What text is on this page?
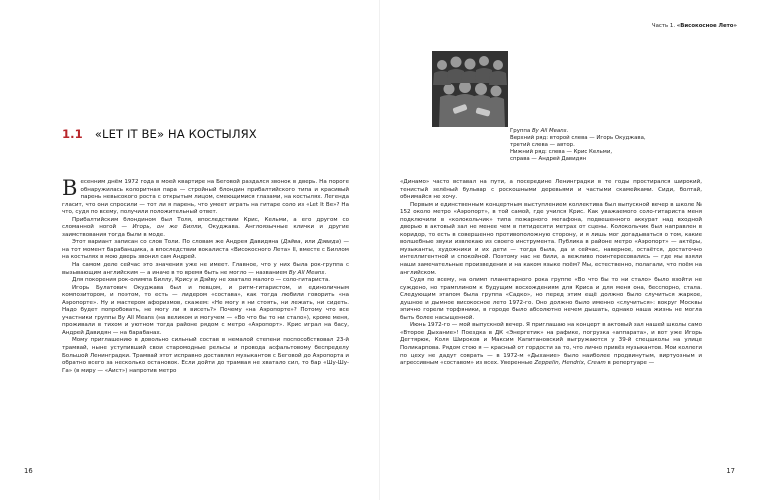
1.1 «LET IT BE» НА КОСТЫЛЯХ

Весенним днём 1972 года в моей квартире на Беговой раздался звонок в дверь. На пороге обнаружилась колоритная пара — стройный блондин прибалтийского типа и красивый парень невысокого роста с открытым лицом, смеющимися глазами, на костылях. Легенда гласит, что они спросили — тот ли я парень, что умеет играть на гитаре соло из «Let It Be»? На что, судя по всему, получили положительный ответ.

Прибалтийским блондином был Толя, впоследствии Крис, Кельми, а его другом со сломанной ногой — Игорь, он же Билли, Окуджава. Англоязычные клички и другие заимствования тогда были в моде.

Этот вариант записан со слов Толи. По словам же Андрея Давидяна (Дэйва, или Дэвида) — на тот момент барабанщика, а впоследствии вокалиста «Високосного Лета» II, вместе с Биллом на костылях в мою дверь звонил сам Андрей.

На самом деле сейчас это значения уже не имеет. Главное, что у них была рок-группа с вызывающим английским — а иначе в то время быть не могло — названием By All Means.

Для покорения рок-олимпа Биллу, Крису и Дэйву не хватало малого — соло-гитариста.

Игорь Булатович Окуджава был и певцом, и ритм-гитаристом, и единоличным композитором, и поэтом, то есть — лидером «состава», как тогда любили говорить «на Аэропорте». Ну и мастером афоризмов, скажем: «Не могу я ни стоять, ни лежать, ни сидеть. Надо будет попробовать, не могу ли я висеть?» Почему «на Аэропорте»? Потому что все участники группы By All Means (на великом и могучем — «Во что бы то ни стало»), кроме меня, проживали в тихом и уютном тогда районе рядом с метро «Аэропорт». Крис играл на басу, Андрей Давидян — на барабанах.

Мому приглашению в довольно сильный состав в немалой степени поспособствовал 23-й трамвай, ныне уступивший свои старомодные рельсы и провода асфальтовому беспределу Большой Ленинградки. Трамвай этот исправно доставлял музыкантов с Беговой до Аэропорта и обратно всего за несколько остановок. Если дойти до трамвая не хватало сил, то бар «Шу-Шу-Га» (в миру — «Аист») напротив метро

16
Часть 1. «Високосное Лето»
Группа By All Means.
Верхний ряд: второй слева — Игорь Окуджава,
третий слева — автор.
Нижний ряд: слева — Крис Кельми,
справа — Андрей Давидян

«Динамо» часто вставал на пути, а посередине Ленинградки в те годы простирался широкий, тенистый зелёный бульвар с роскошными деревьями и частыми скамейками. Сиди, болтай, обнимайся не хочу.

Первым и единственным концертным выступлением коллектива был выпускной вечер в школе № 152 около метро «Аэропорт», в той самой, где учился Крис. Как уважаемого соло-гитариста меня подключили в «колокольчик» типа пожарного мегафона, подвешенного аккурат над входной дверью в актовый зал не менее чем в пятидесяти метрах от сцены. Колокольчик был направлен в коридор, то есть в совершенно противоположную сторону, и я лишь мог догадываться о том, какие волшебные звуки извлекаю из своего инструмента. Публика в районе метро «Аэропорт» — актёры, музыканты, художники и их дети — тогда была, да и сейчас, наверное, остаётся, достаточно интеллигентной и спокойной. Поэтому нас не били, а вежливо поинтересовались — где мы взяли наши замечательные произведения и на каком языке поём? Мы, естественно, полагали, что поём на английском.

Судя по всему, на олимп планетарного рока группе «Во что бы то ни стало» было взойти не суждено, но трамплином к будущим восхождениям для Криса и для меня она, бесспорно, стала. Следующим этапом была группа «Садко», но перед этим ещё должно было случиться жаркое, душное и дымное високосное лето 1972-го. Оно должно было именно «случиться»: вокруг Москвы эпично горели торфяники, в городе было абсолютно нечем дышать, однако наша жизнь не могла быть более насыщенной.

Июнь 1972-го — мой выпускной вечер. Я приглашаю на концерт в актовый зал нашей школы само «Второе Дыхание»! Поездка в ДК «Энергетик» на рафике, погрузка «аппарата», и вот уже Игорь Дегтярюк, Коля Широков и Максим Капитановский выгружаются у 39-й спецшколы на улице Поликарпова. Рядом стою я — красный от гордости за то, что лично привёз музыкантов. Мои коллеги по цеху не дадут соврать — в 1972-м «Дыхание» было наиболее продвинутым, виртуозным и агрессивным «составом» из всех. Уверенные Zeppelin, Hendrix, Cream в репертуаре —

17
